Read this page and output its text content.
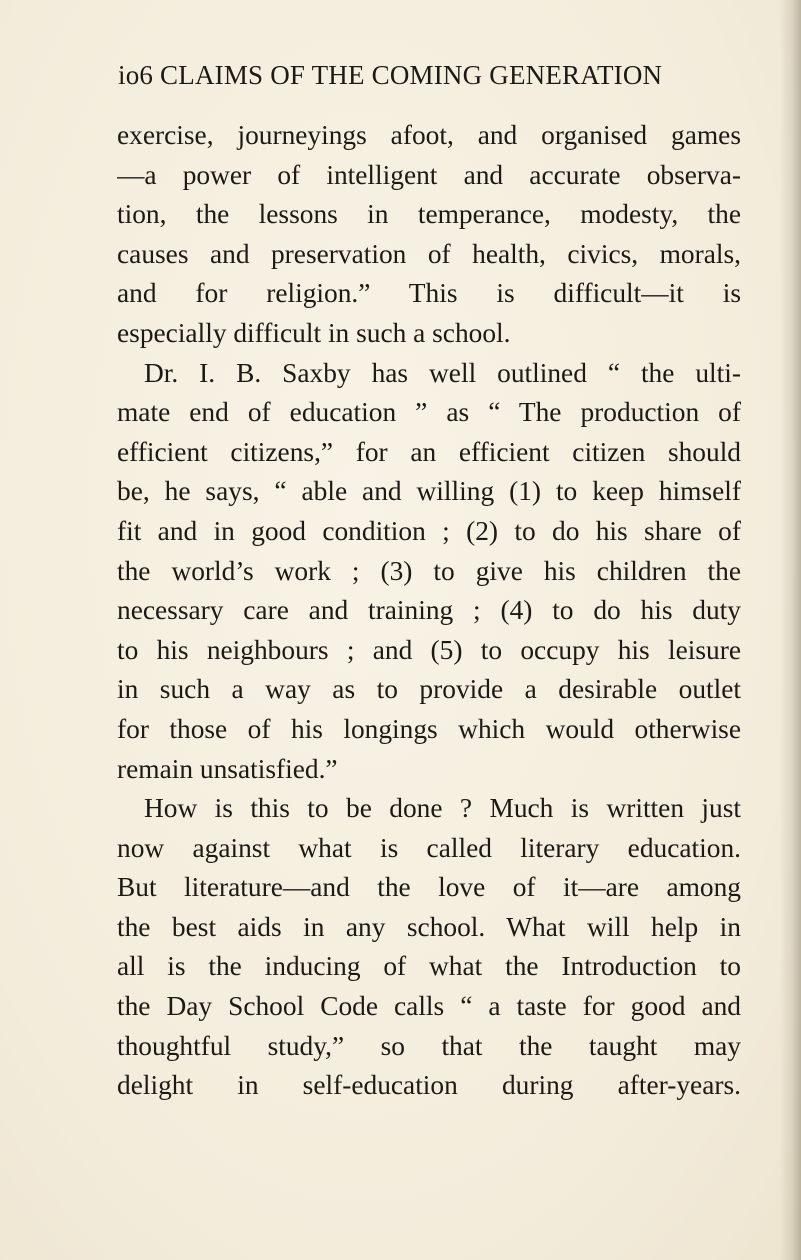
io6 CLAIMS OF THE COMING GENERATION
exercise, journeyings afoot, and organised games
—a power of intelligent and accurate observa-
tion, the lessons in temperance, modesty, the
causes and preservation of health, civics, morals,
and for religion.” This is difficult—it is
especially difficult in such a school.
Dr. I. B. Saxby has well outlined “ the ulti-
mate end of education ” as “ The production of
efficient citizens,” for an efficient citizen should
be, he says, “ able and willing (1) to keep himself
fit and in good condition ; (2) to do his share of
the world’s work ; (3) to give his children the
necessary care and training ; (4) to do his duty
to his neighbours ; and (5) to occupy his leisure
in such a way as to provide a desirable outlet
for those of his longings which would otherwise
remain unsatisfied.”
How is this to be done ? Much is written just
now against what is called literary education.
But literature—and the love of it—are among
the best aids in any school. What will help in
all is the inducing of what the Introduction to
the Day School Code calls “ a taste for good and
thoughtful study,” so that the taught may
delight in self-education during after-years.
